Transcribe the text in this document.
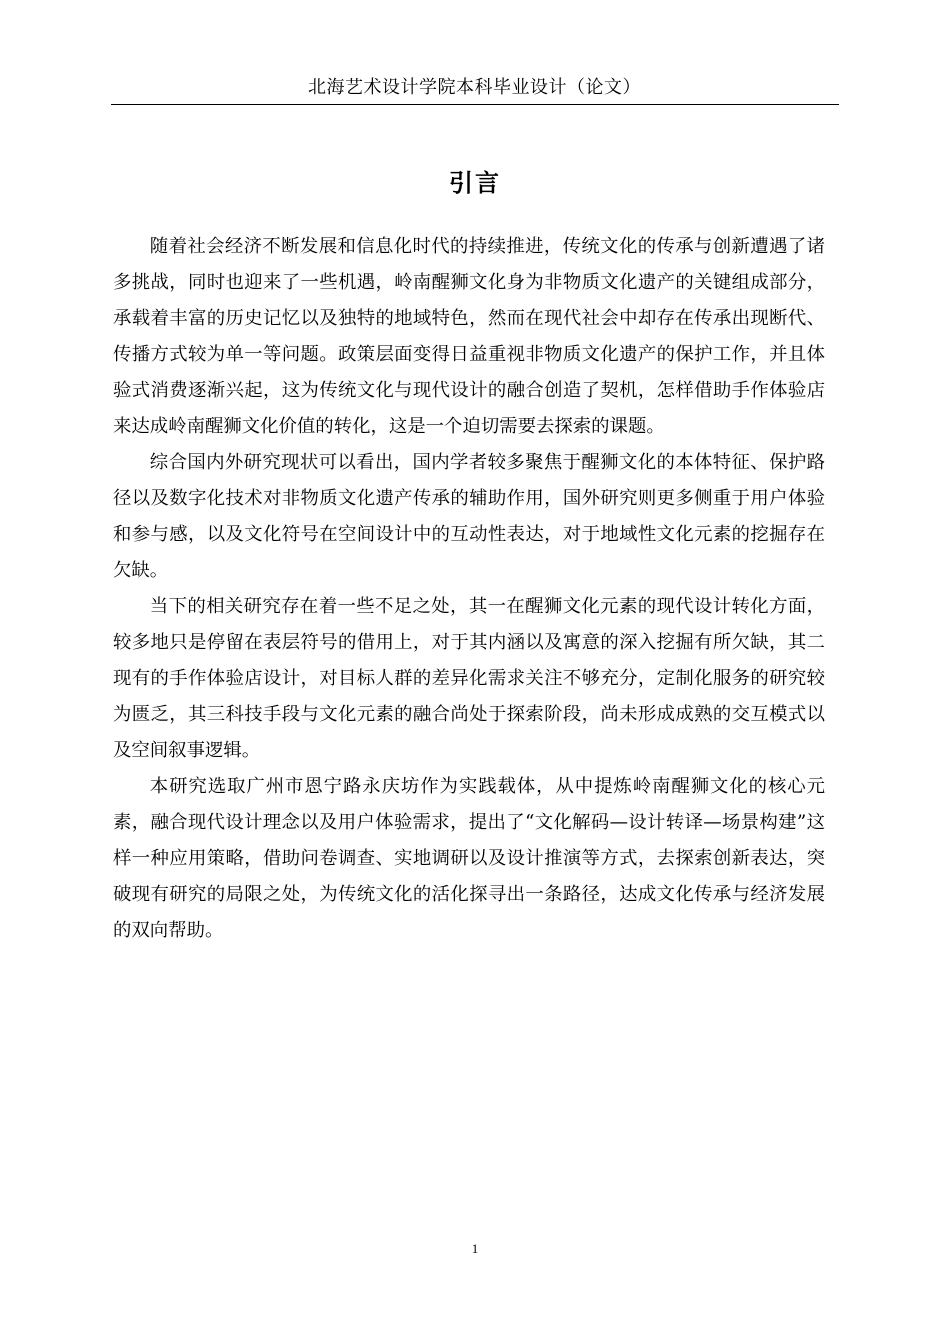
北海艺术设计学院本科毕业设计（论文）
引言

随着社会经济不断发展和信息化时代的持续推进，传统文化的传承与创新遭遇了诸多挑战，同时也迎来了一些机遇，岭南醒狮文化身为非物质文化遗产的关键组成部分，承载着丰富的历史记忆以及独特的地域特色，然而在现代社会中却存在传承出现断代、传播方式较为单一等问题。政策层面变得日益重视非物质文化遗产的保护工作，并且体验式消费逐渐兴起，这为传统文化与现代设计的融合创造了契机，怎样借助手作体验店来达成岭南醒狮文化价值的转化，这是一个迫切需要去探索的课题。

综合国内外研究现状可以看出，国内学者较多聚焦于醒狮文化的本体特征、保护路径以及数字化技术对非物质文化遗产传承的辅助作用，国外研究则更多侧重于用户体验和参与感，以及文化符号在空间设计中的互动性表达，对于地域性文化元素的挖掘存在欠缺。

当下的相关研究存在着一些不足之处，其一在醒狮文化元素的现代设计转化方面，较多地只是停留在表层符号的借用上，对于其内涵以及寓意的深入挖掘有所欠缺，其二现有的手作体验店设计，对目标人群的差异化需求关注不够充分，定制化服务的研究较为匮乏，其三科技手段与文化元素的融合尚处于探索阶段，尚未形成成熟的交互模式以及空间叙事逻辑。

本研究选取广州市恩宁路永庆坊作为实践载体，从中提炼岭南醒狮文化的核心元素，融合现代设计理念以及用户体验需求，提出了“文化解码—设计转译—场景构建”这样一种应用策略，借助问卷调查、实地调研以及设计推演等方式，去探索创新表达，突破现有研究的局限之处，为传统文化的活化探寻出一条路径，达成文化传承与经济发展的双向帮助。

1
